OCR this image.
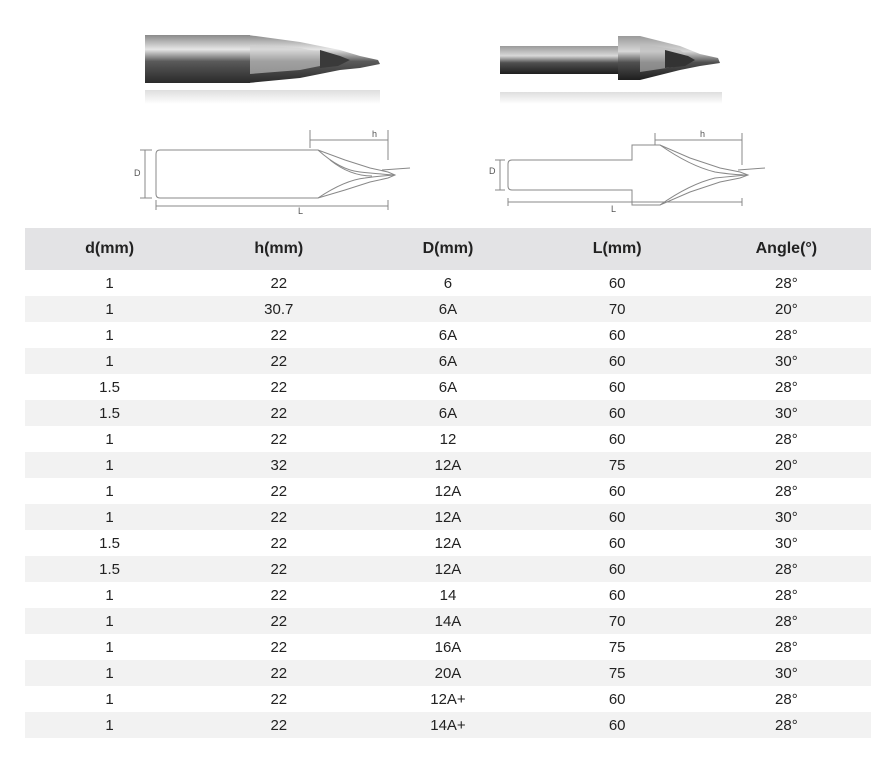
D
h
L
D
h
L
d(mm)	h(mm)	D(mm)	L(mm)	Angle(°)
1	22	6	60	28°
1	30.7	6A	70	20°
1	22	6A	60	28°
1	22	6A	60	30°
1.5	22	6A	60	28°
1.5	22	6A	60	30°
1	22	12	60	28°
1	32	12A	75	20°
1	22	12A	60	28°
1	22	12A	60	30°
1.5	22	12A	60	30°
1.5	22	12A	60	28°
1	22	14	60	28°
1	22	14A	70	28°
1	22	16A	75	28°
1	22	20A	75	30°
1	22	12A+	60	28°
1	22	14A+	60	28°
